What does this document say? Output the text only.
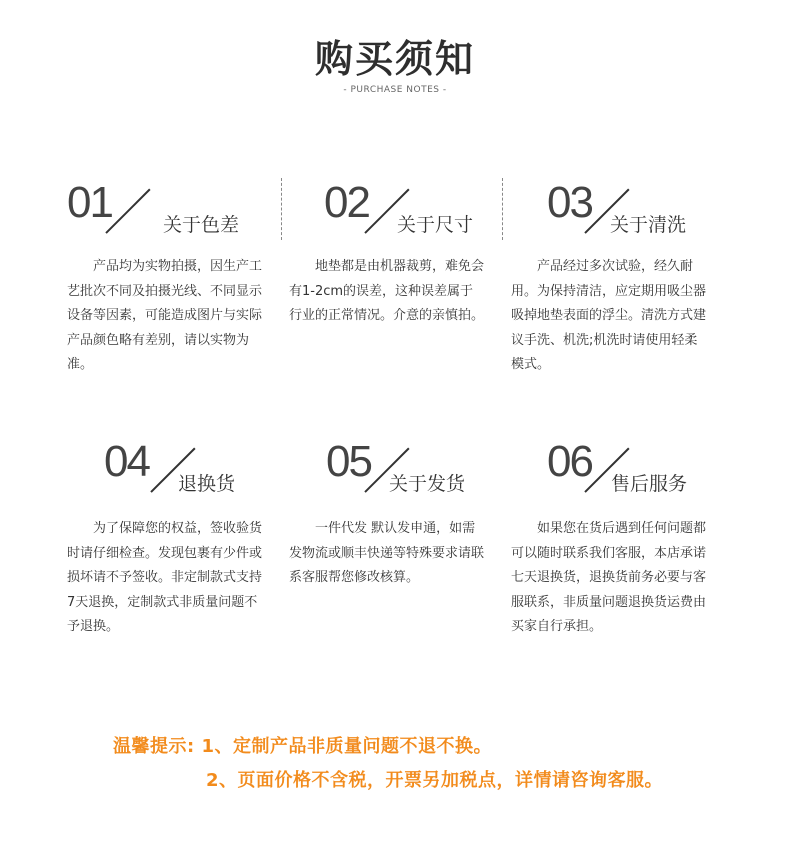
购买须知
- PURCHASE NOTES -
01	关于色差

产品均为实物拍摄，因生产工艺批次不同及拍摄光线、不同显示设备等因素，可能造成图片与实际产品颜色略有差别，请以实物为准。

02 关于尺寸

地垫都是由机器裁剪，难免会有1-2cm的误差，这种误差属于行业的正常情况。介意的亲慎拍。

03 关于清洗

产品经过多次试验，经久耐用。为保持清洁，应定期用吸尘器吸掉地垫表面的浮尘。清洗方式建议手洗、机洗;机洗时请使用轻柔模式。

04 退换货

为了保障您的权益，签收验货时请仔细检查。发现包裹有少件或损坏请不予签收。非定制款式支持7天退换，定制款式非质量问题不予退换。

05 关于发货

一件代发 默认发申通，如需发物流或顺丰快递等特殊要求请联系客服帮您修改核算。

06 售后服务

如果您在货后遇到任何问题都可以随时联系我们客服，本店承诺七天退换货，退换货前务必要与客服联系，非质量问题退换货运费由买家自行承担。

温馨提示: 1、定制产品非质量问题不退不换。
2、页面价格不含税，开票另加税点，详情请咨询客服。
